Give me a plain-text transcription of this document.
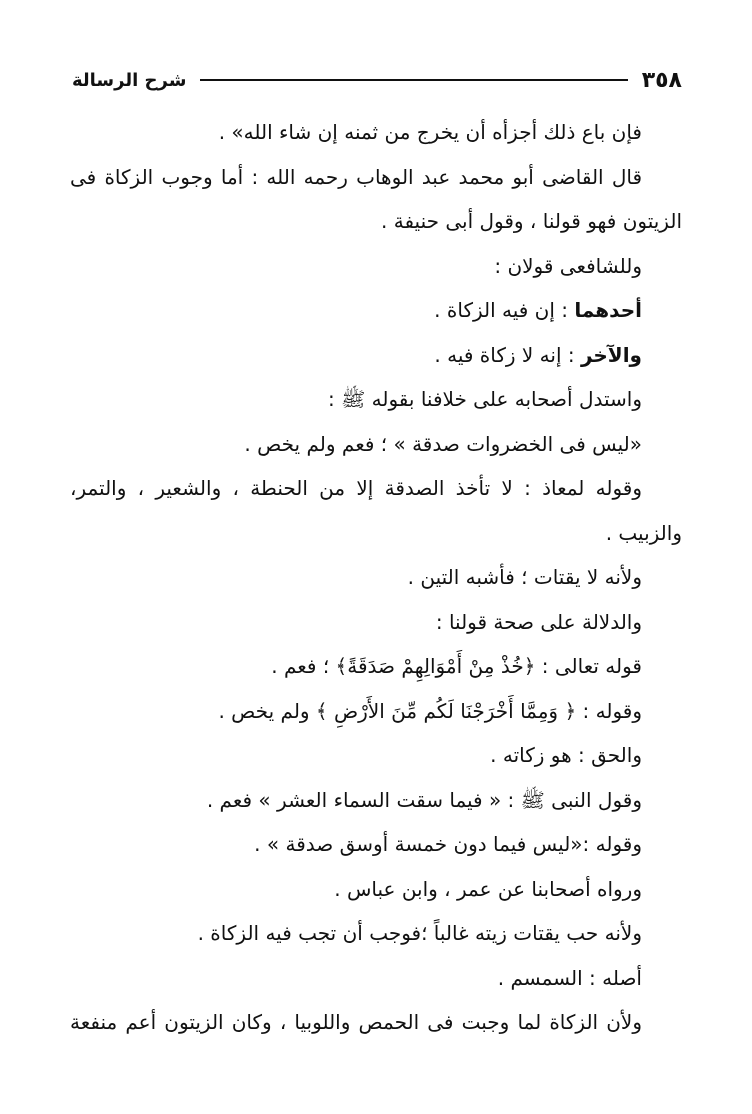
٣٥٨
شرح الرسالة
فإن باع ذلك أجزأه أن يخرج من ثمنه إن شاء الله» .
قال القاضى أبو محمد عبد الوهاب رحمه الله : أما وجوب الزكاة فى
الزيتون فهو قولنا ، وقول أبى حنيفة .
وللشافعى قولان :
أحدهما : إن فيه الزكاة .
والآخر : إنه لا زكاة فيه .
واستدل أصحابه على خلافنا بقوله ﷺ :
«ليس فى الخضروات صدقة » ؛ فعم ولم يخص .
وقوله لمعاذ : لا تأخذ الصدقة إلا من الحنطة ، والشعير ، والتمر،
والزبيب .
ولأنه لا يقتات ؛ فأشبه التين .
والدلالة على صحة قولنا :
قوله تعالى : ﴿خُذْ مِنْ أَمْوَالِهِمْ صَدَقَةً﴾ ؛ فعم .
وقوله : ﴿ وَمِمَّا أَخْرَجْنَا لَكُم مِّنَ الأَرْضِ ﴾ ولم يخص .
والحق : هو زكاته .
وقول النبى ﷺ : « فيما سقت السماء العشر » فعم .
وقوله :«ليس فيما دون خمسة أوسق صدقة » .
ورواه أصحابنا عن عمر ، وابن عباس .
ولأنه حب يقتات زيته غالباً ؛فوجب أن تجب فيه الزكاة .
أصله : السمسم .
ولأن الزكاة لما وجبت فى الحمص واللوبيا ، وكان الزيتون أعم منفعة
